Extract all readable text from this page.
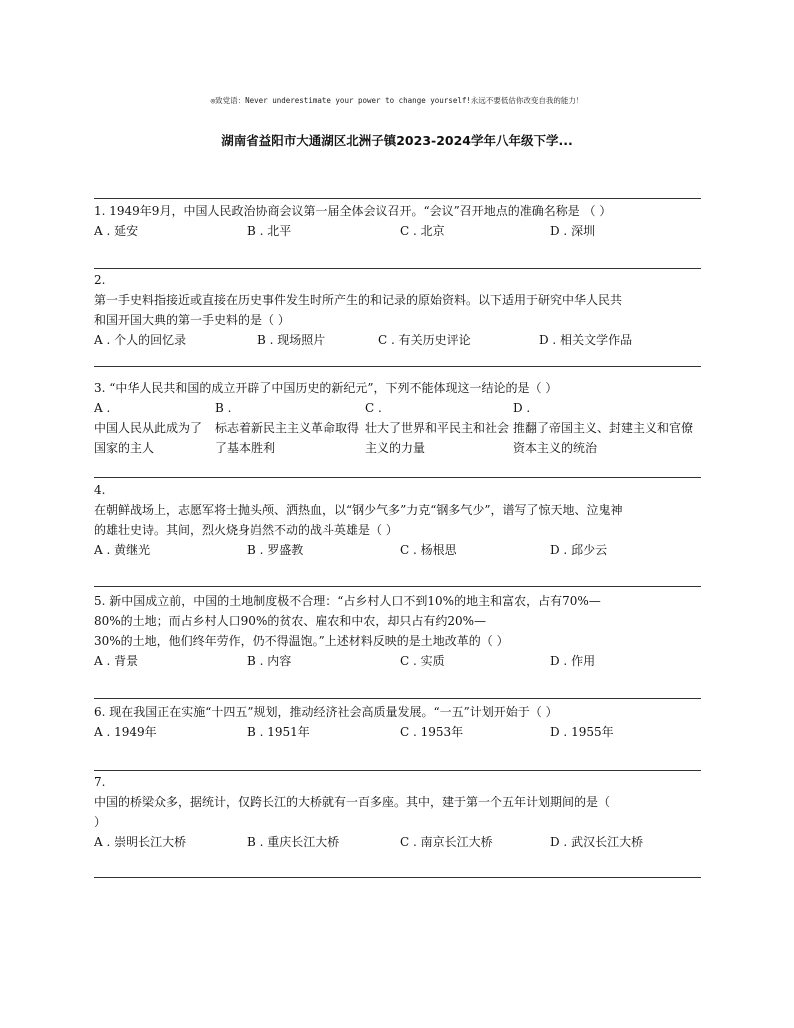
◎致党语：Never underestimate your power to change yourself!永远不要低估你改变自我的能力！
湖南省益阳市大通湖区北洲子镇2023-2024学年八年级下学...

1. 1949年9月，中国人民政治协商会议第一届全体会议召开。“会议”召开地点的准确名称是 （ ）

A . 延安	B . 北平	C . 北京	D . 深圳

2.

第一手史料指接近或直接在历史事件发生时所产生的和记录的原始资料。以下适用于研究中华人民共

和国开国大典的第一手史料的是（ ）

A . 个人的回忆录	B . 现场照片	C . 有关历史评论	D . 相关文学作品

3. “中华人民共和国的成立开辟了中国历史的新纪元”，下列不能体现这一结论的是（ ）

A .
中国人民从此成为了国家的主人
B .
标志着新民主主义革命取得了基本胜利
C .
壮大了世界和平民主和社会主义的力量
D .
推翻了帝国主义、封建主义和官僚资本主义的统治

4.

在朝鲜战场上，志愿军将士抛头颅、洒热血，以“钢少气多”力克“钢多气少”，谱写了惊天地、泣鬼神

的雄壮史诗。其间，烈火烧身岿然不动的战斗英雄是（ ）

A . 黄继光	B . 罗盛教	C . 杨根思	D . 邱少云

5. 新中国成立前，中国的土地制度极不合理：“占乡村人口不到10%的地主和富农，占有70%—

80%的土地；而占乡村人口90%的贫农、雇农和中农，却只占有约20%—

30%的土地，他们终年劳作，仍不得温饱。”上述材料反映的是土地改革的（ ）

A . 背景	B . 内容	C . 实质	D . 作用

6. 现在我国正在实施“十四五”规划，推动经济社会高质量发展。“一五”计划开始于（ ）

A . 1949年	B . 1951年	C . 1953年	D . 1955年

7.

中国的桥梁众多，据统计，仅跨长江的大桥就有一百多座。其中，建于第一个五年计划期间的是（

）

A . 崇明长江大桥	B . 重庆长江大桥	C . 南京长江大桥	D . 武汉长江大桥
